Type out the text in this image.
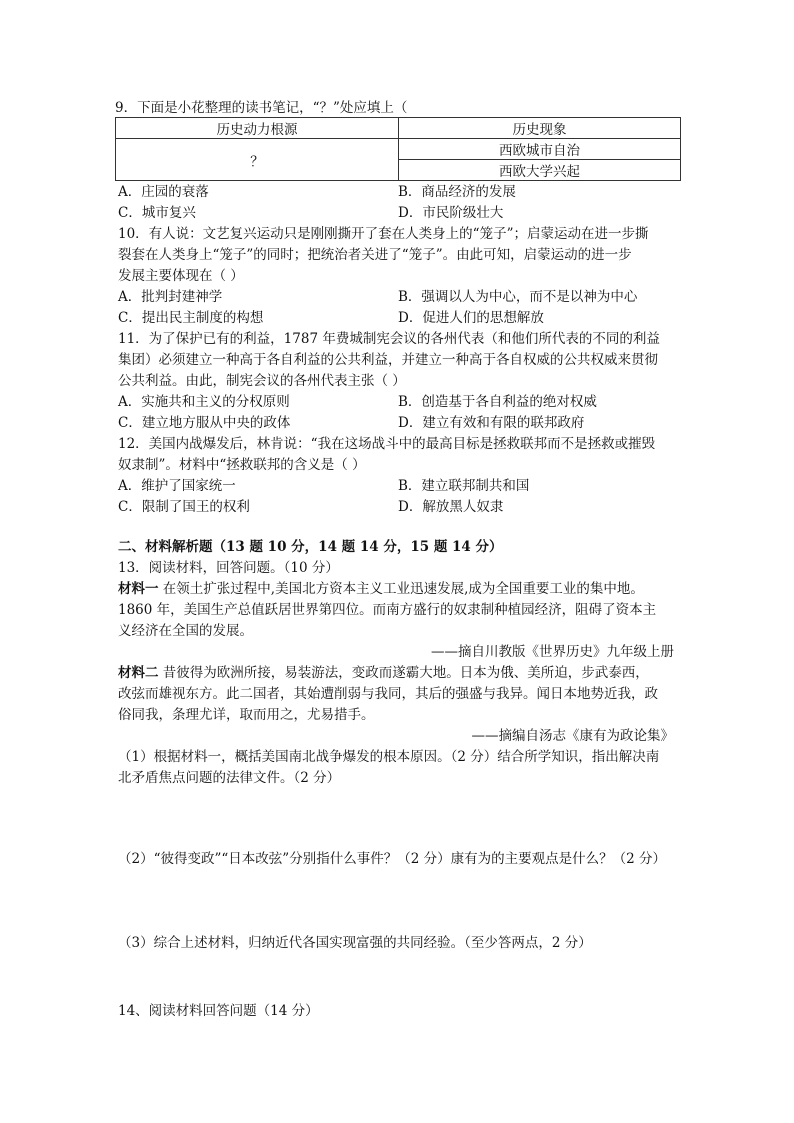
9．下面是小花整理的读书笔记，“？”处应填上（
历史动力根源	历史现象
？	西欧城市自治
	西欧大学兴起
A．庄园的衰落	B．商品经济的发展
C．城市复兴	D．市民阶级壮大
10．有人说：文艺复兴运动只是刚刚撕开了套在人类身上的“笼子”；启蒙运动在进一步撕
裂套在人类身上“笼子”的同时；把统治者关进了“笼子”。由此可知，启蒙运动的进一步
发展主要体现在（ ）
A．批判封建神学	B．强调以人为中心，而不是以神为中心
C．提出民主制度的构想	D．促进人们的思想解放
11．为了保护已有的利益，1787 年费城制宪会议的各州代表（和他们所代表的不同的利益
集团）必须建立一种高于各自利益的公共利益，并建立一种高于各自权威的公共权威来贯彻
公共利益。由此，制宪会议的各州代表主张（ ）
A．实施共和主义的分权原则	B．创造基于各自利益的绝对权威
C．建立地方服从中央的政体	D．建立有效和有限的联邦政府
12．美国内战爆发后，林肯说：“我在这场战斗中的最高目标是拯救联邦而不是拯救或摧毁
奴隶制”。材料中“拯救联邦的含义是（ ）
A．维护了国家统一	B．建立联邦制共和国
C．限制了国王的权利	D．解放黑人奴隶
二、材料解析题（13 题 10 分，14 题 14 分，15 题 14 分）
13．阅读材料，回答问题。（10 分）
材料一 在领土扩张过程中,美国北方资本主义工业迅速发展,成为全国重要工业的集中地。
1860 年，美国生产总值跃居世界第四位。而南方盛行的奴隶制种植园经济，阻碍了资本主
义经济在全国的发展。
——摘自川教版《世界历史》九年级上册
材料二 昔彼得为欧洲所接，易装游法，变政而遂霸大地。日本为俄、美所迫，步武泰西，
改弦而雄视东方。此二国者，其始遭削弱与我同，其后的强盛与我异。闻日本地势近我，政
俗同我，条理尤详，取而用之，尤易措手。
——摘编自汤志《康有为政论集》
（1）根据材料一，概括美国南北战争爆发的根本原因。（2 分）结合所学知识，指出解决南
北矛盾焦点问题的法律文件。（2 分）
（2）“彼得变政”“日本改弦”分别指什么事件？（2 分）康有为的主要观点是什么？（2 分）
（3）综合上述材料，归纳近代各国实现富强的共同经验。（至少答两点，2 分）
14、阅读材料回答问题（14 分）
